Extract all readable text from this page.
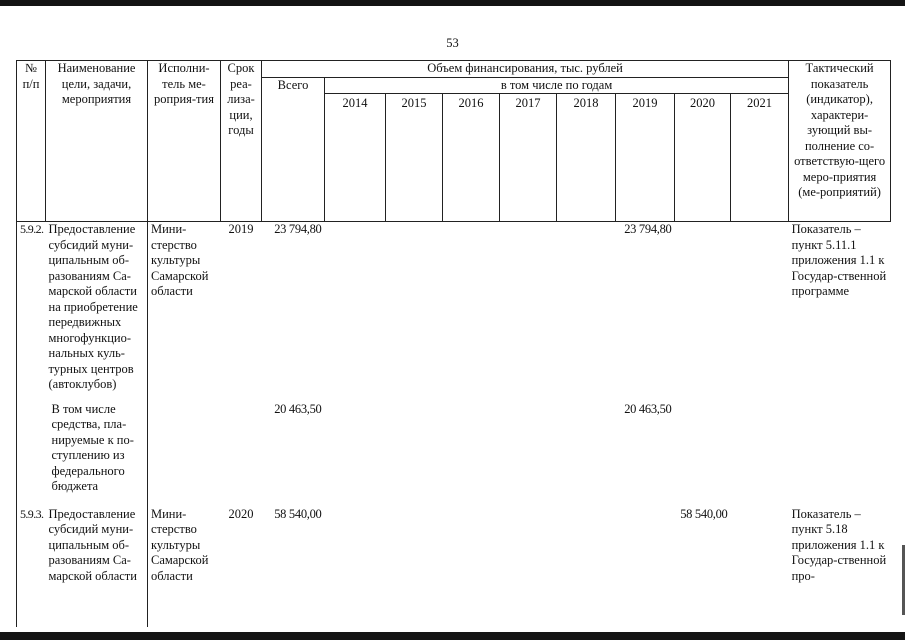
53
№ п/п	Наименование цели, задачи, мероприятия	Исполни-тель ме-роприя-тия	Срок реа-лиза-ции, годы	Объем финансирования, тыс. рублей									Тактический показатель (индикатор), характери-зующий вы-полнение со-ответствую-щего меро-приятия (ме-роприятий)
				Всего	в том числе по годам								
					2014	2015	2016	2017	2018	2019	2020	2021	
5.9.2.	Предоставление субсидий муни-ципальным об-разованиям Са-марской области на приобретение передвижных многофункцио-нальных куль-турных центров (автоклубов)	Мини-стерство культуры Самарской области	2019	23 794,80						23 794,80			Показатель – пункт 5.11.1 приложения 1.1 к Государ-ственной программе
	В том числе средства, пла-нируемые к по-ступлению из федерального бюджета			20 463,50						20 463,50			
5.9.3.	Предоставление субсидий муни-ципальным об-разованиям Са-марской области	Мини-стерство культуры Самарской области	2020	58 540,00							58 540,00		Показатель – пункт 5.18 приложения 1.1 к Государ-ственной про-
